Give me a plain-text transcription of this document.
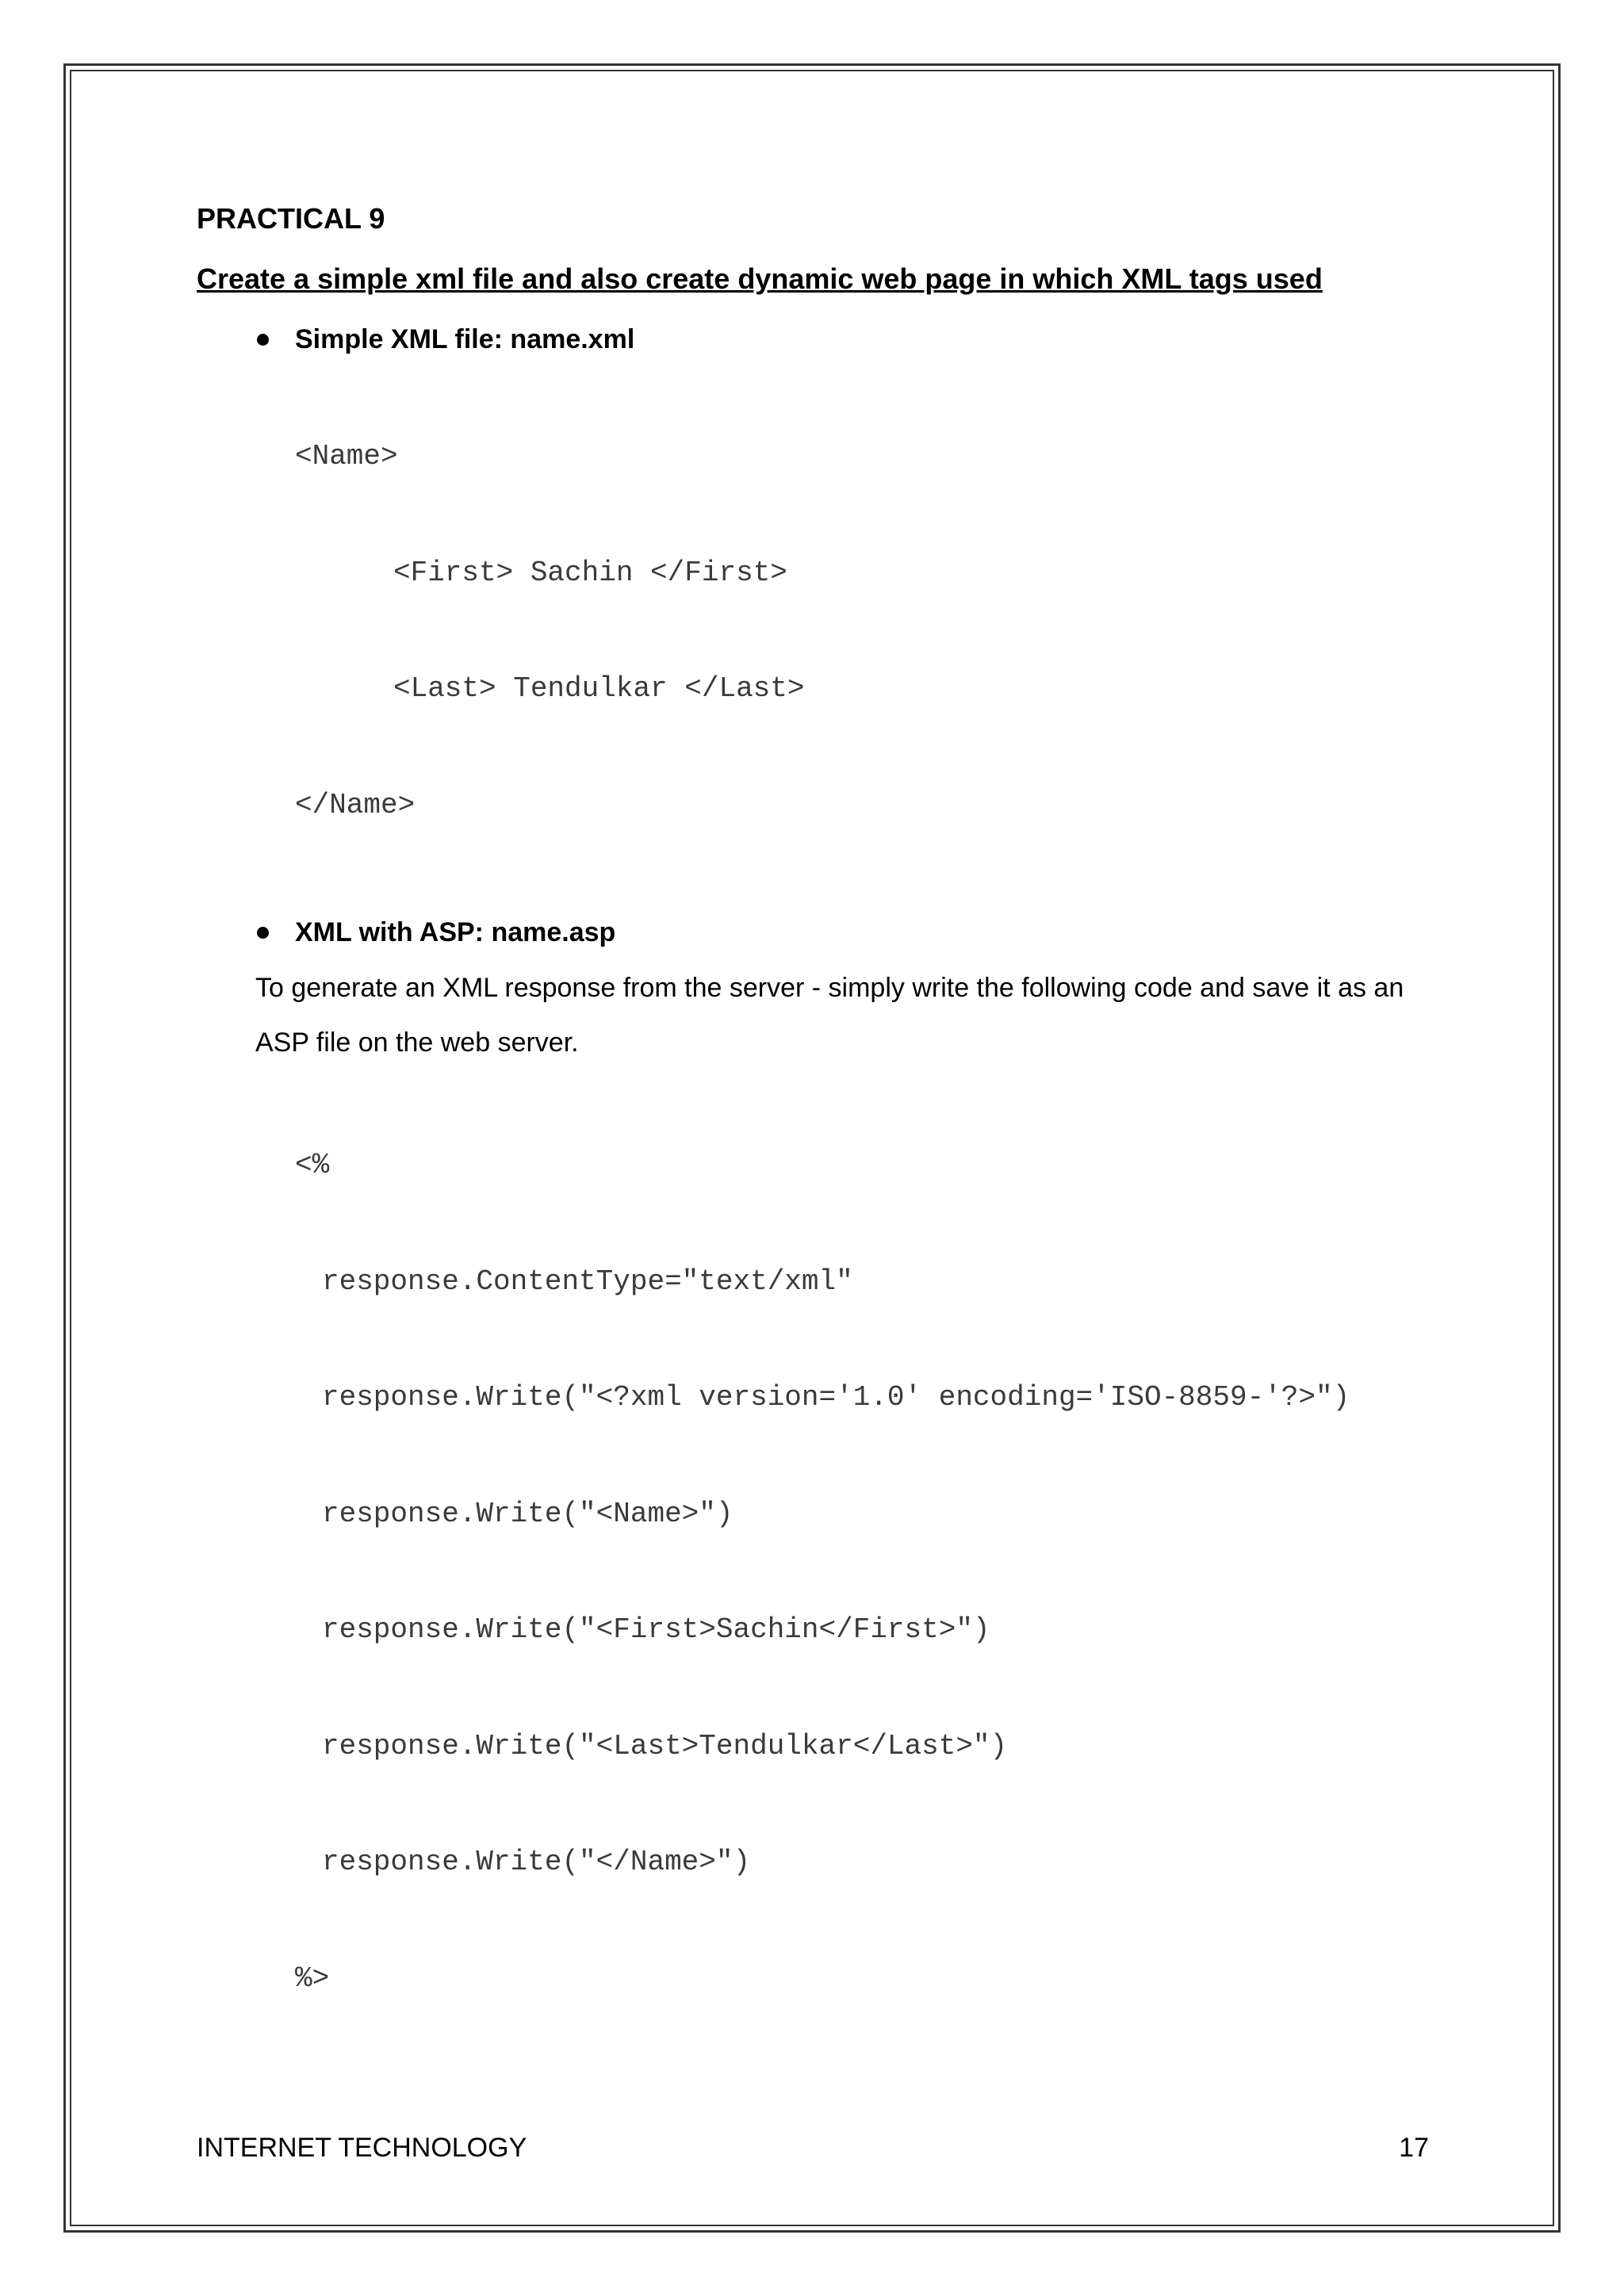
PRACTICAL 9
Create a simple xml file and also create dynamic web page in which XML tags used
Simple XML file: name.xml

<Name>

<First> Sachin </First>

<Last> Tendulkar </Last>

</Name>

XML with ASP: name.asp
To generate an XML response from the server - simply write the following code and save it as an
ASP file on the web server.

<%

response.ContentType="text/xml"

response.Write("<?xml version='1.0' encoding='ISO-8859-'?>")

response.Write("<Name>")

response.Write("<First>Sachin</First>")

response.Write("<Last>Tendulkar</Last>")

response.Write("</Name>")

%>

INTERNET TECHNOLOGY	17
